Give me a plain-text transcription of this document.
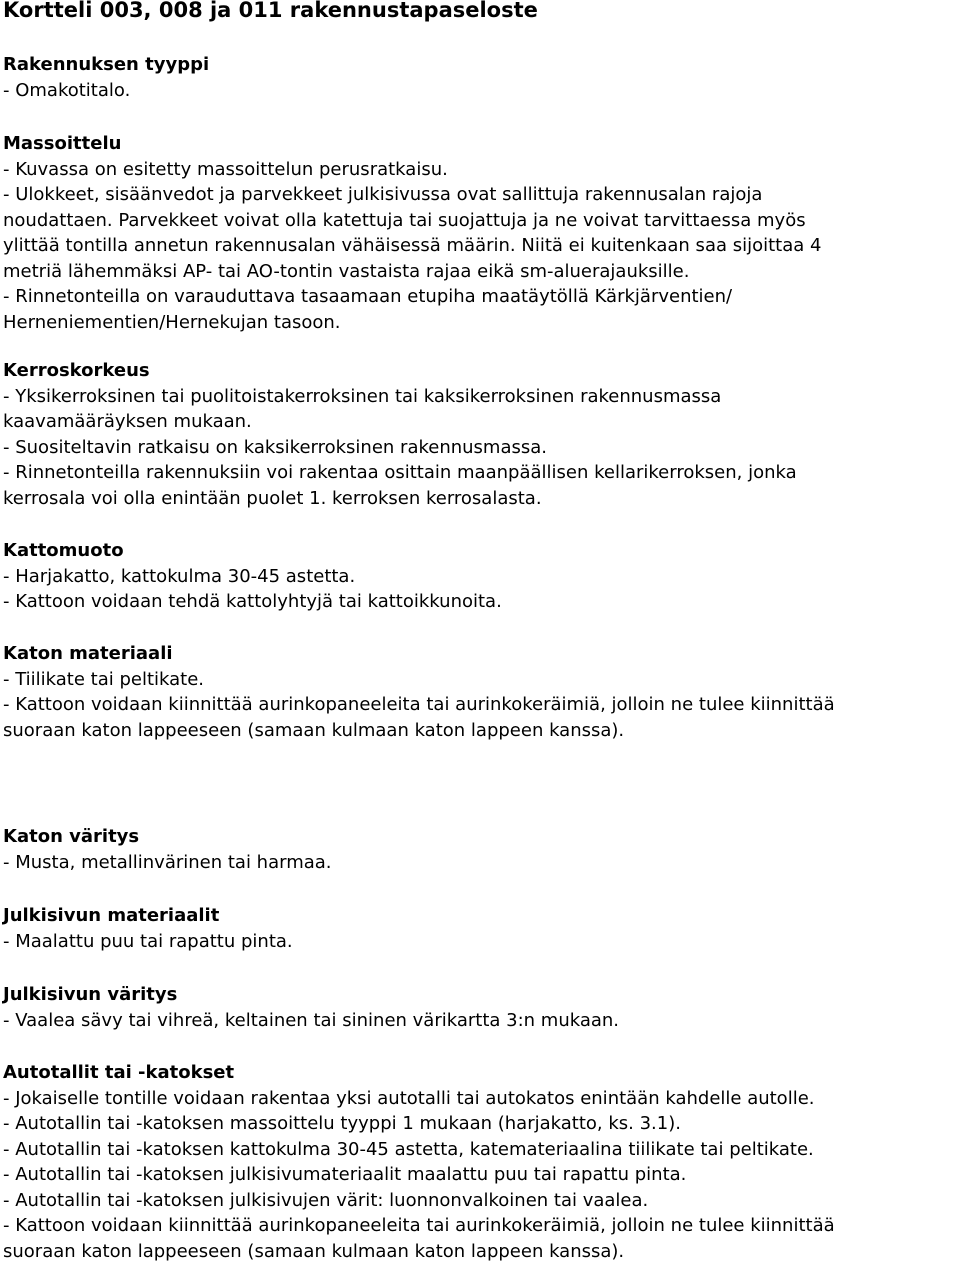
Kortteli 003, 008 ja 011 rakennustapaseloste
Rakennuksen tyyppi
- Omakotitalo.
Massoittelu
- Kuvassa on esitetty massoittelun perusratkaisu.
- Ulokkeet, sisäänvedot ja parvekkeet julkisivussa ovat sallittuja rakennusalan rajoja
noudattaen. Parvekkeet voivat olla katettuja tai suojattuja ja ne voivat tarvittaessa myös
ylittää tontilla annetun rakennusalan vähäisessä määrin. Niitä ei kuitenkaan saa sijoittaa 4
metriä lähemmäksi AP- tai AO-tontin vastaista rajaa eikä sm-aluerajauksille.
- Rinnetonteilla on varauduttava tasaamaan etupiha maatäytöllä Kärkjärventien/
Herneniementien/Hernekujan tasoon.
Kerroskorkeus
- Yksikerroksinen tai puolitoistakerroksinen tai kaksikerroksinen rakennusmassa
kaavamääräyksen mukaan.
- Suositeltavin ratkaisu on kaksikerroksinen rakennusmassa.
- Rinnetonteilla rakennuksiin voi rakentaa osittain maanpäällisen kellarikerroksen, jonka
kerrosala voi olla enintään puolet 1. kerroksen kerrosalasta.
Kattomuoto
- Harjakatto, kattokulma 30-45 astetta.
- Kattoon voidaan tehdä kattolyhtyjä tai kattoikkunoita.
Katon materiaali
- Tiilikate tai peltikate.
- Kattoon voidaan kiinnittää aurinkopaneeleita tai aurinkokeräimiä, jolloin ne tulee kiinnittää
suoraan katon lappeeseen (samaan kulmaan katon lappeen kanssa).
Katon väritys
- Musta, metallinvärinen tai harmaa.
Julkisivun materiaalit
- Maalattu puu tai rapattu pinta.
Julkisivun väritys
- Vaalea sävy tai vihreä, keltainen tai sininen värikartta 3:n mukaan.
Autotallit tai -katokset
- Jokaiselle tontille voidaan rakentaa yksi autotalli tai autokatos enintään kahdelle autolle.
- Autotallin tai -katoksen massoittelu tyyppi 1 mukaan (harjakatto, ks. 3.1).
- Autotallin tai -katoksen kattokulma 30-45 astetta, katemateriaalina tiilikate tai peltikate.
- Autotallin tai -katoksen julkisivumateriaalit maalattu puu tai rapattu pinta.
- Autotallin tai -katoksen julkisivujen värit: luonnonvalkoinen tai vaalea.
- Kattoon voidaan kiinnittää aurinkopaneeleita tai aurinkokeräimiä, jolloin ne tulee kiinnittää
suoraan katon lappeeseen (samaan kulmaan katon lappeen kanssa).
